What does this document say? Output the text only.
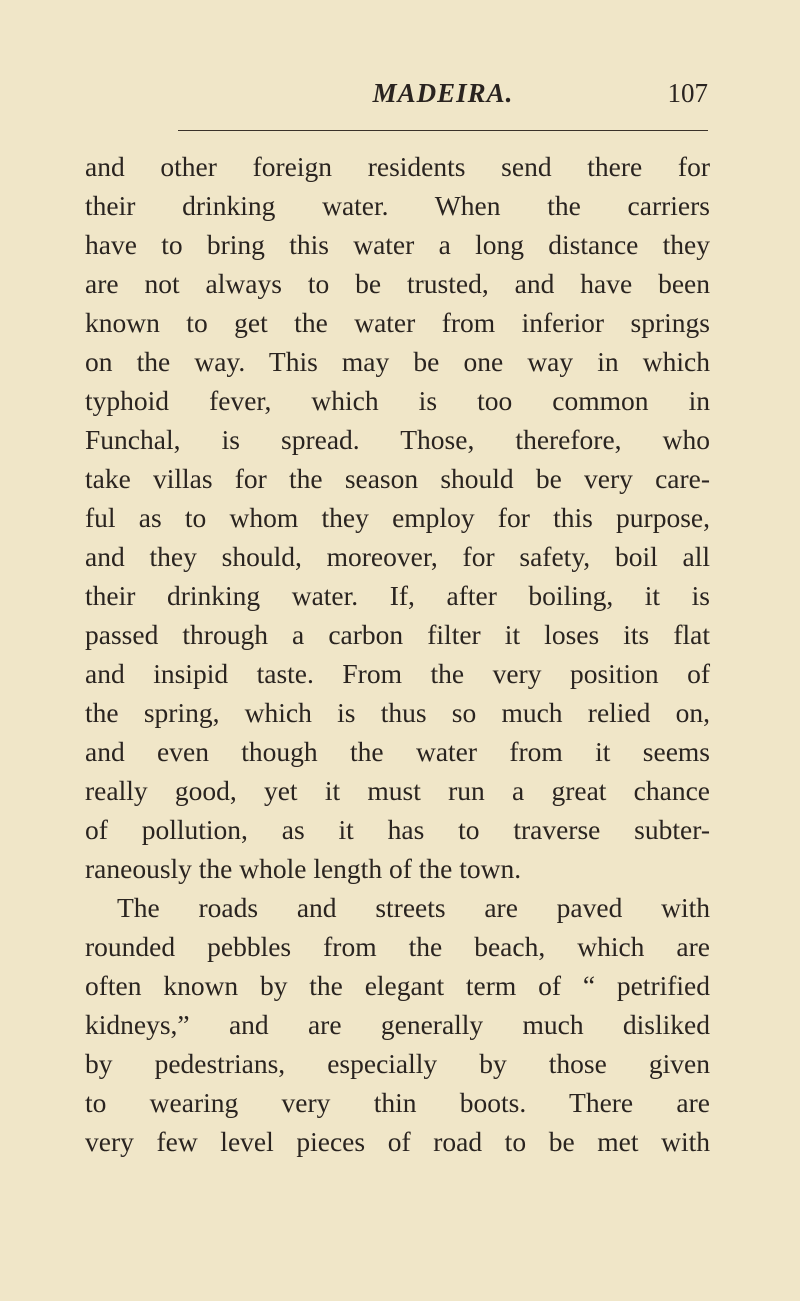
MADEIRA.	107
and other foreign residents send there for
their drinking water. When the carriers
have to bring this water a long distance they
are not always to be trusted, and have been
known to get the water from inferior springs
on the way. This may be one way in which
typhoid fever, which is too common in
Funchal, is spread. Those, therefore, who
take villas for the season should be very care-
ful as to whom they employ for this purpose,
and they should, moreover, for safety, boil all
their drinking water. If, after boiling, it is
passed through a carbon filter it loses its flat
and insipid taste. From the very position of
the spring, which is thus so much relied on,
and even though the water from it seems
really good, yet it must run a great chance
of pollution, as it has to traverse subter-
raneously the whole length of the town.
The roads and streets are paved with
rounded pebbles from the beach, which are
often known by the elegant term of “ petrified
kidneys,” and are generally much disliked
by pedestrians, especially by those given
to wearing very thin boots. There are
very few level pieces of road to be met with
